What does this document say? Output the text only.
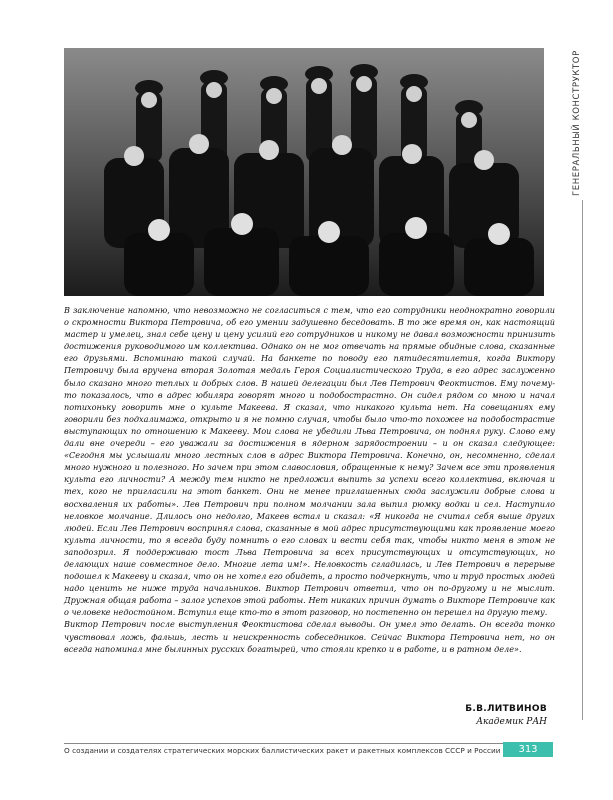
ГЕНЕРАЛЬНЫЙ КОНСТРУКТОР

В заключение напомню, что невозможно не согласиться с тем, что его сотрудники неоднократно говорили о скромности Виктора Петровича, об его умении задушевно беседовать. В то же время он, как настоящий мастер и умелец, знал себе цену и цену усилий его сотрудников и никому не давал возможности принизить достижения руководимого им коллектива. Однако он не мог отвечать на прямые обидные слова, сказанные его друзьями. Вспоминаю такой случай. На банкете по поводу его пятидесятилетия, когда Виктору Петровичу была вручена вторая Золотая медаль Героя Социалистического Труда, в его адрес заслуженно было сказано много теплых и добрых слов. В нашей делегации был Лев Петрович Феоктистов. Ему почему-то показалось, что в адрес юбиляра говорят много и подобострастно. Он сидел рядом со мною и начал потихоньку говорить мне о культе Макеева. Я сказал, что никакого культа нет. На совещаниях ему говорили без подхалимажа, открыто и я не помню случая, чтобы было что-то похожее на подобострастие выступающих по отношению к Макееву. Мои слова не убедили Льва Петровича, он поднял руку. Слово ему дали вне очереди – его уважали за достижения в ядерном зарядостроении – и он сказал следующее: «Сегодня мы услышали много лестных слов в адрес Виктора Петровича. Конечно, он, несомненно, сделал много нужного и полезного. Но зачем при этом славословия, обращенные к нему? Зачем все эти проявления культа его личности? А между тем никто не предложил выпить за успехи всего коллектива, включая и тех, кого не пригласили на этот банкет. Они не менее приглашенных сюда заслужили добрые слова и восхваления их работы». Лев Петрович при полном молчании зала выпил рюмку водки и сел. Наступило неловкое молчание. Длилось оно недолго, Макеев встал и сказал: «Я никогда не считал себя выше других людей. Если Лев Петрович воспринял слова, сказанные в мой адрес присутствующими как проявление моего культа личности, то я всегда буду помнить о его словах и вести себя так, чтобы никто меня в этом не заподозрил. Я поддерживаю тост Льва Петровича за всех присутствующих и отсутствующих, но делающих наше совместное дело. Многие лета им!». Неловкость сгладилась, и Лев Петрович в перерыве подошел к Макееву и сказал, что он не хотел его обидеть, а просто подчеркнуть, что и труд простых людей надо ценить не ниже труда начальников. Виктор Петрович ответил, что он по-другому и не мыслит. Дружная общая работа – залог успехов этой работы. Нет никаких причин думать о Викторе Петровиче как о человеке недостойном. Вступил еще кто-то в этот разговор, но постепенно он перешел на другую тему.

Виктор Петрович после выступления Феоктистова сделал выводы. Он умел это делать. Он всегда тонко чувствовал ложь, фальшь, лесть и неискренность собеседников. Сейчас Виктора Петровича нет, но он всегда напоминал мне былинных русских богатырей, что стояли крепко и в работе, и в ратном деле».

Б.В.ЛИТВИНОВ
Академик РАН
О создании и создателях стратегических морских баллистических ракет и ракетных комплексов СССР и России	313
